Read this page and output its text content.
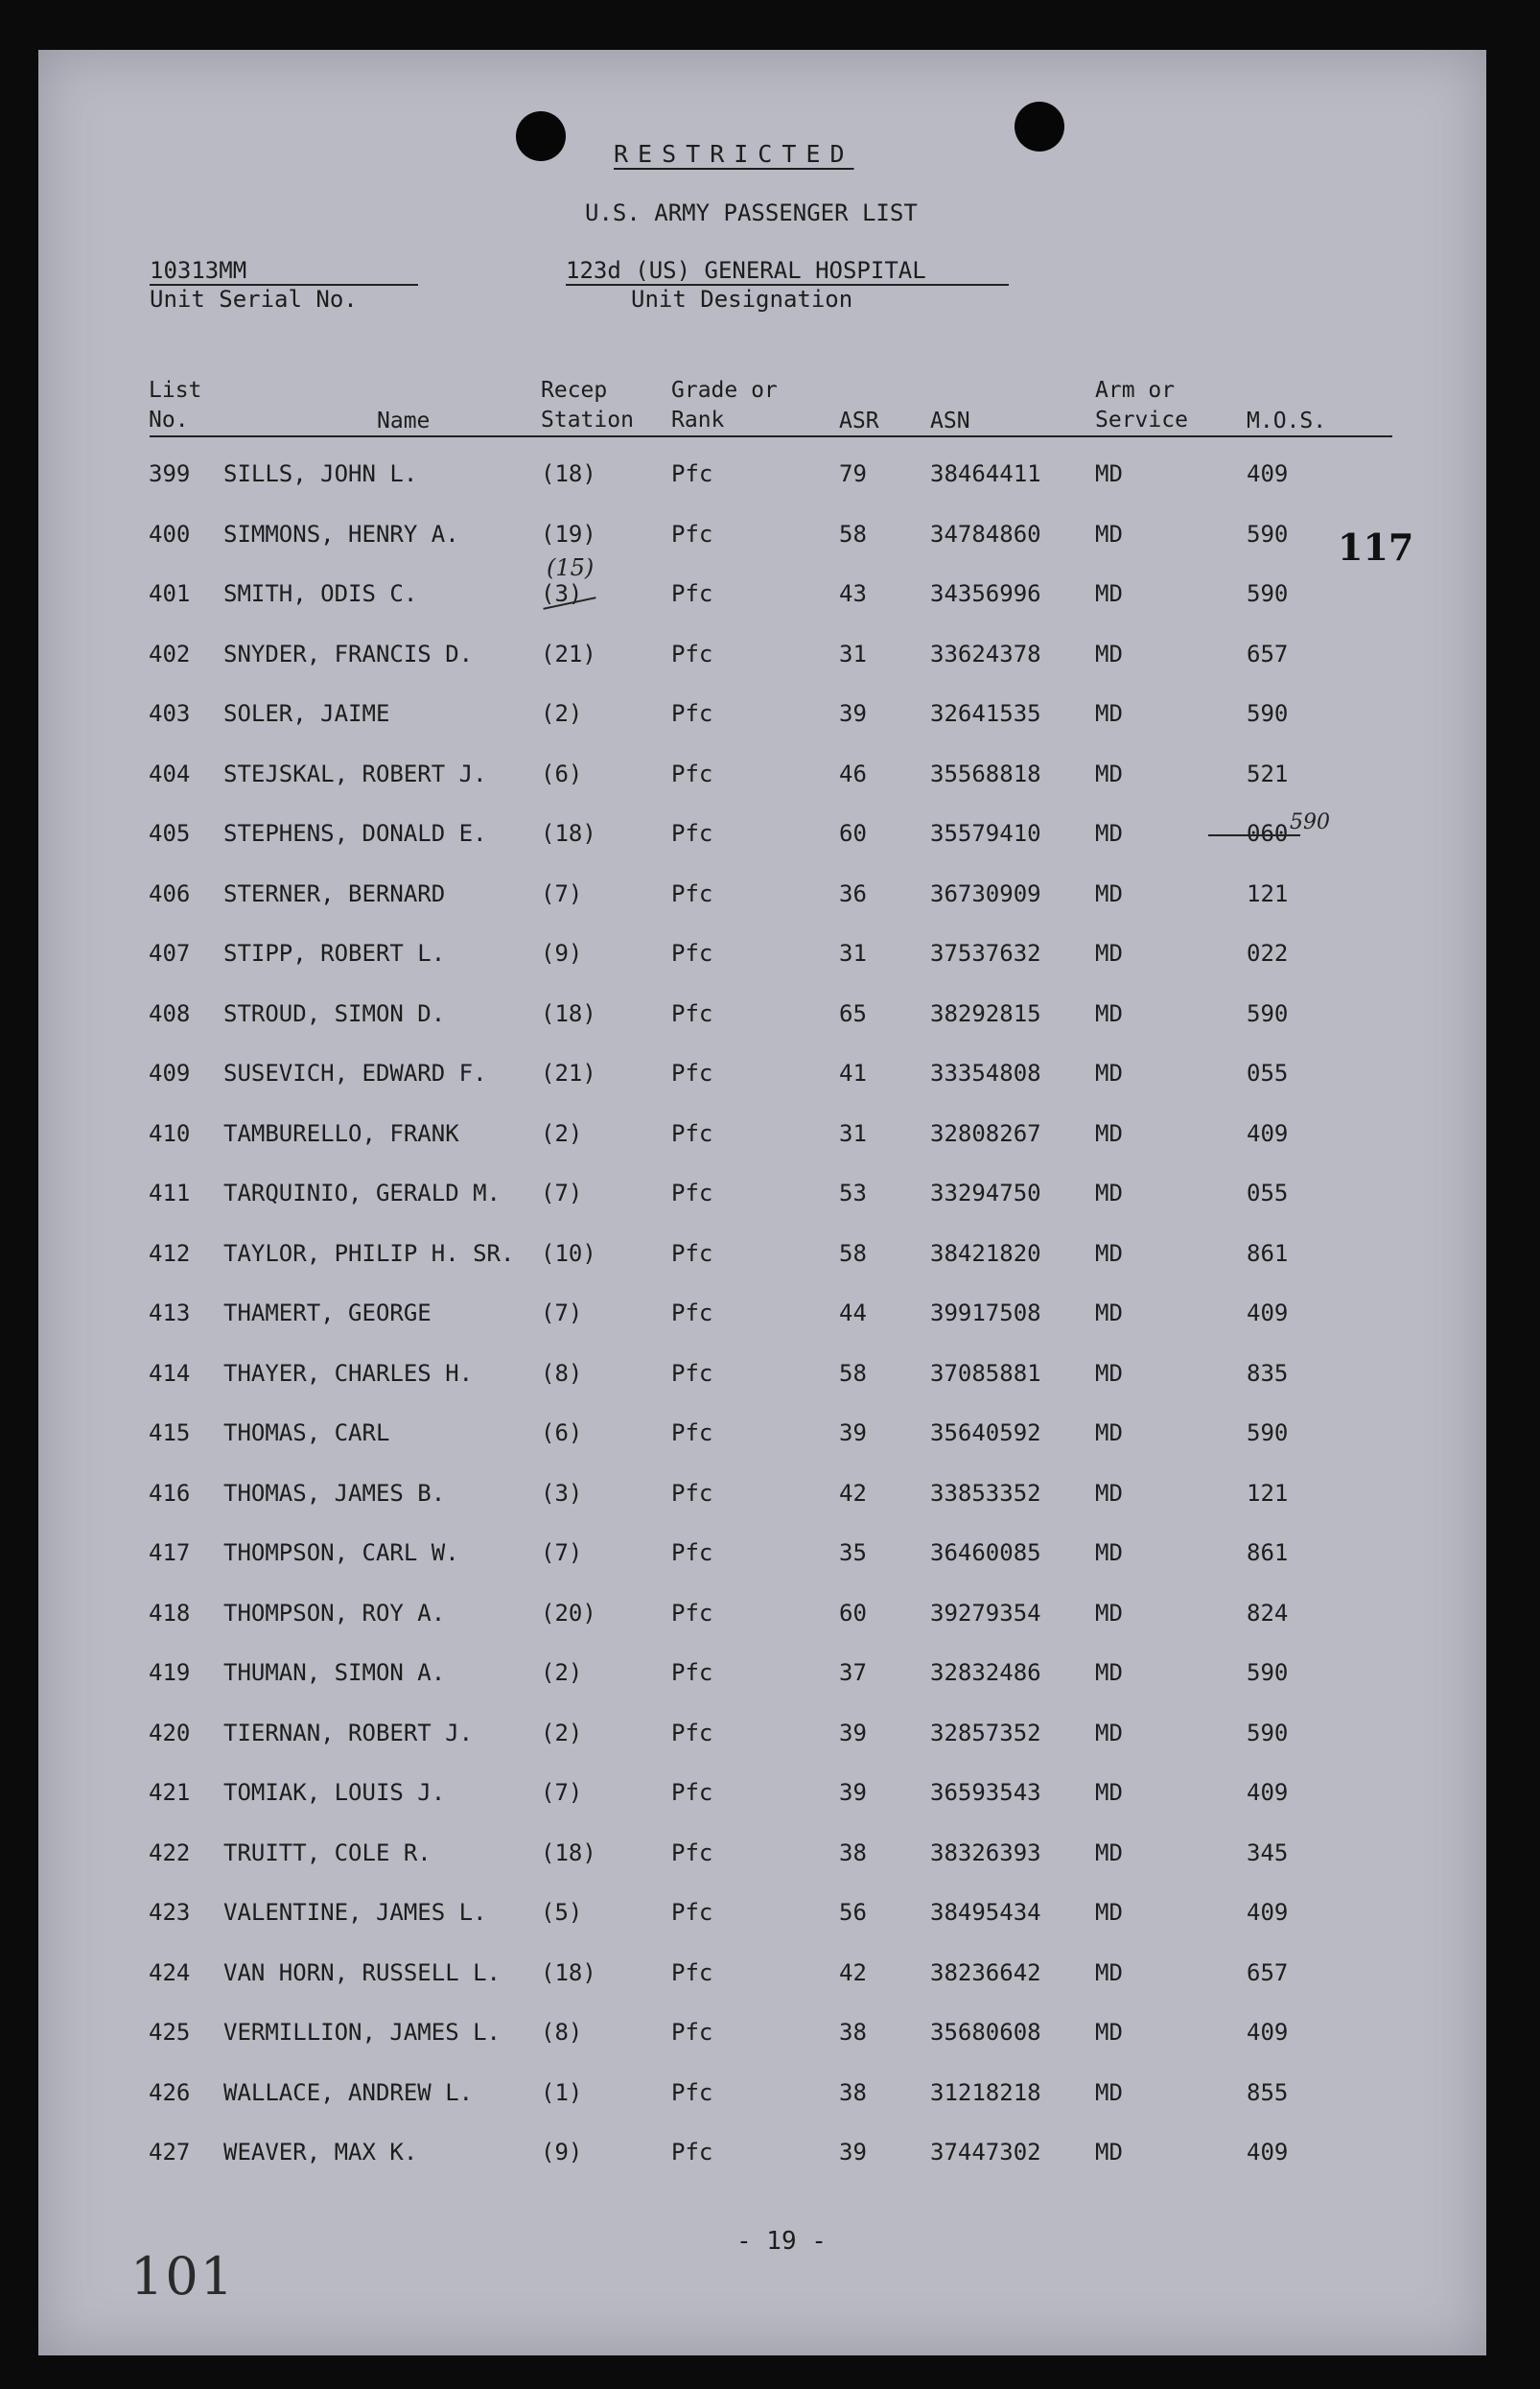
RESTRICTED
U.S. ARMY PASSENGER LIST
10313MM
Unit Serial No.
123d (US) GENERAL HOSPITAL
Unit Designation
List
No.	Name
Recep
Station
Grade or
Rank	ASR ASN
Arm or
Service	M.O.S.
399 SILLS, JOHN L.	(18)	Pfc	79	38464411 MD	409
400 SIMMONS, HENRY A.	(19)	Pfc	58	34784860 MD	590
401 SMITH, ODIS C.	(3)	Pfc	43	34356996 MD	590
402 SNYDER, FRANCIS D.	(21)	Pfc	31	33624378 MD	657
403 SOLER, JAIME	(2)	Pfc	39	32641535 MD	590
404 STEJSKAL, ROBERT J. (6)	Pfc	46	35568818 MD	521
405 STEPHENS, DONALD E. (18)	Pfc	60	35579410 MD	060
406 STERNER, BERNARD	(7)	Pfc	36	36730909 MD	121
407 STIPP, ROBERT L.	(9)	Pfc	31	37537632 MD	022
408 STROUD, SIMON D.	(18)	Pfc	65	38292815 MD	590
409 SUSEVICH, EDWARD F. (21)	Pfc	41	33354808 MD	055
410 TAMBURELLO, FRANK	(2)	Pfc	31	32808267 MD	409
411 TARQUINIO, GERALD M. (7)	Pfc	53	33294750 MD	055
412 TAYLOR, PHILIP H. SR. (10)	Pfc	58	38421820 MD	861
413 THAMERT, GEORGE	(7)	Pfc	44	39917508 MD	409
414 THAYER, CHARLES H.	(8)	Pfc	58	37085881 MD	835
415 THOMAS, CARL	(6)	Pfc	39	35640592 MD	590
416 THOMAS, JAMES B.	(3)	Pfc	42	33853352 MD	121
417 THOMPSON, CARL W.	(7)	Pfc	35	36460085 MD	861
418 THOMPSON, ROY A.	(20)	Pfc	60	39279354 MD	824
419 THUMAN, SIMON A.	(2)	Pfc	37	32832486 MD	590
420 TIERNAN, ROBERT J.	(2)	Pfc	39	32857352 MD	590
421 TOMIAK, LOUIS J.	(7)	Pfc	39	36593543 MD	409
422 TRUITT, COLE R.	(18)	Pfc	38	38326393 MD	345
423 VALENTINE, JAMES L. (5)	Pfc	56	38495434 MD	409
424 VAN HORN, RUSSELL L. (18)	Pfc	42	38236642 MD	657
425 VERMILLION, JAMES L. (8)	Pfc	38	35680608 MD	409
426 WALLACE, ANDREW L.	(1)	Pfc	38	31218218 MD	855
427 WEAVER, MAX K.	(9)	Pfc	39	37447302 MD	409
117
(15)
590
- 19 -
101
